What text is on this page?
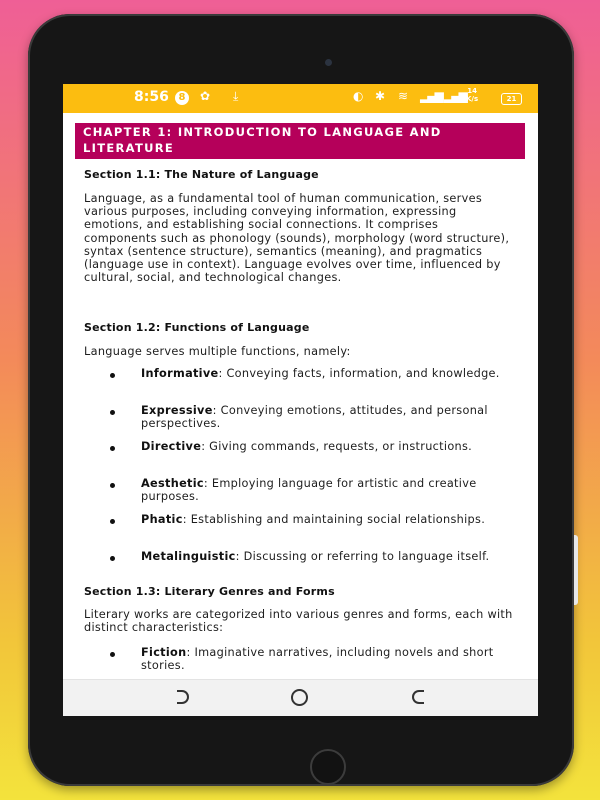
8:56 8 ✿ ⤓	◐ ✱ ≋ ▂▄▆ ▂▄▆ 14
K/s	21
CHAPTER 1: INTRODUCTION TO LANGUAGE AND LITERATURE
Section 1.1: The Nature of Language
Language, as a fundamental tool of human communication, serves various purposes, including conveying information, expressing emotions, and establishing social connections. It comprises components such as phonology (sounds), morphology (word structure), syntax (sentence structure), semantics (meaning), and pragmatics (language use in context). Language evolves over time, influenced by cultural, social, and technological changes.
Section 1.2: Functions of Language
Language serves multiple functions, namely:
Informative: Conveying facts, information, and knowledge.
Expressive: Conveying emotions, attitudes, and personal perspectives.
Directive: Giving commands, requests, or instructions.
Aesthetic: Employing language for artistic and creative purposes.
Phatic: Establishing and maintaining social relationships.
Metalinguistic: Discussing or referring to language itself.
Section 1.3: Literary Genres and Forms
Literary works are categorized into various genres and forms, each with distinct characteristics:
Fiction: Imaginative narratives, including novels and short stories.
